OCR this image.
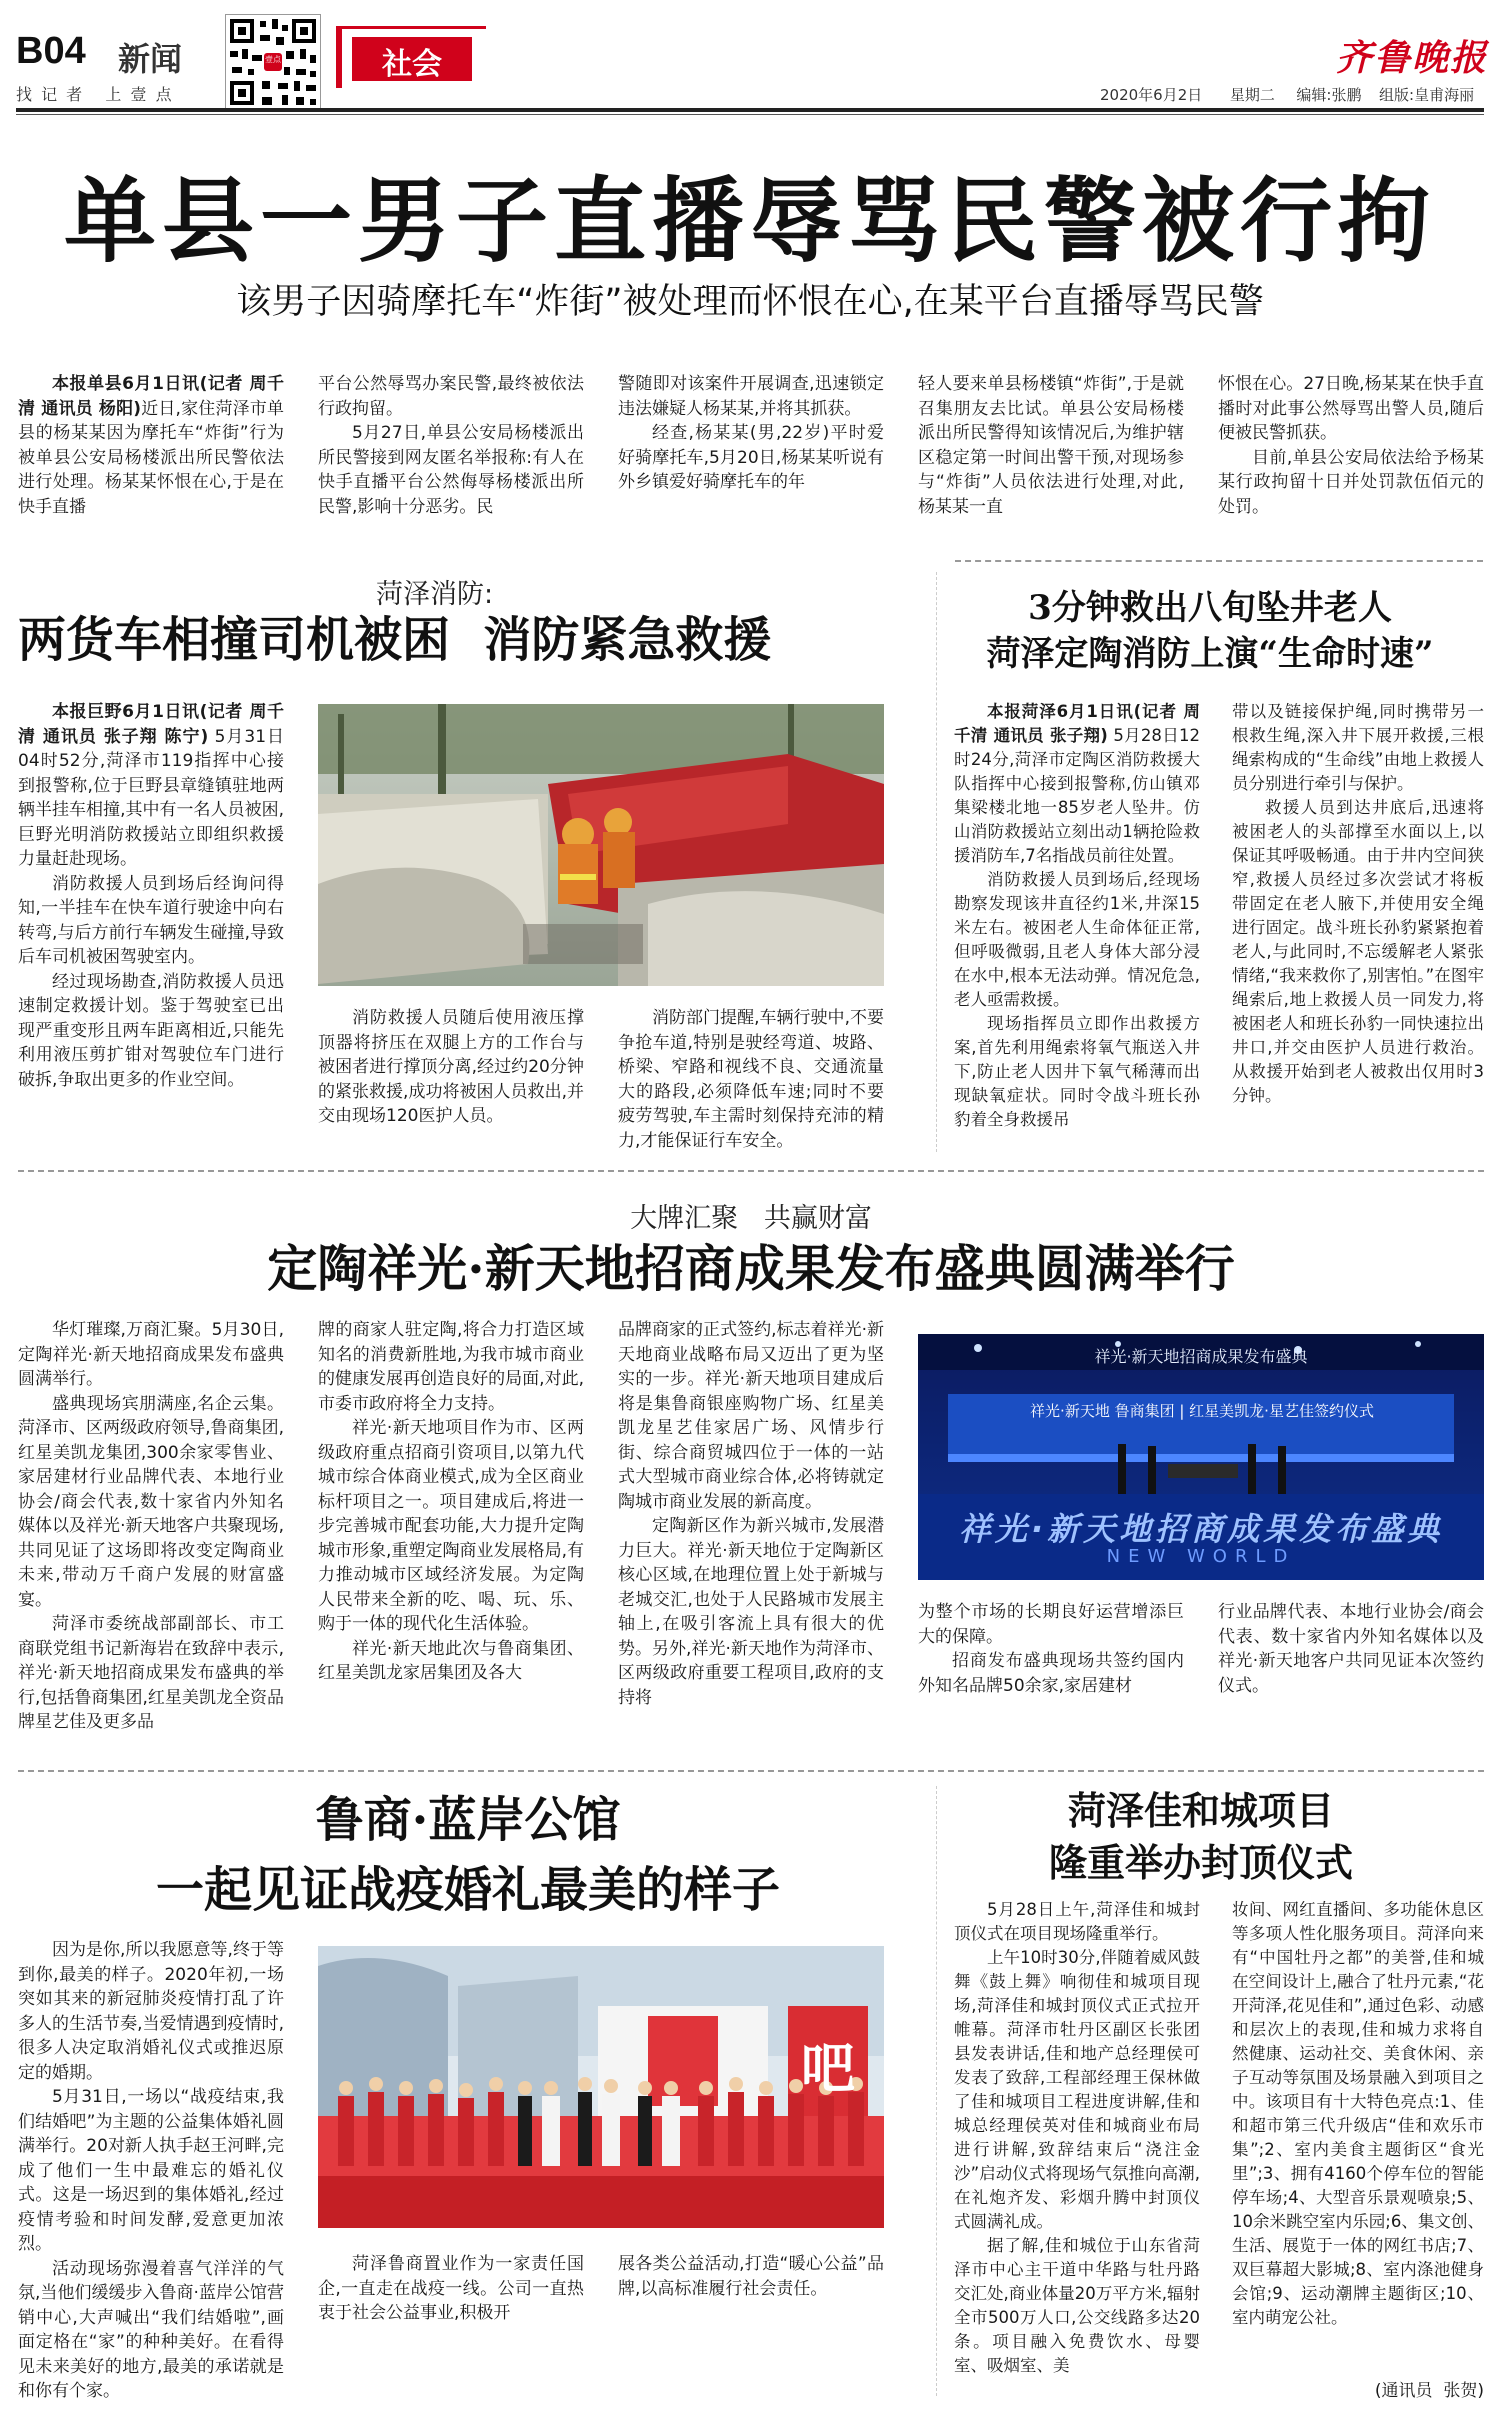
B04 新闻
找 记 者   上 壹 点
壹点	社会	齐鲁晚报
2020年6月2日 星期二 编辑:张鹏 组版:皇甫海丽
单县一男子直播辱骂民警被行拘
该男子因骑摩托车“炸街”被处理而怀恨在心,在某平台直播辱骂民警

本报单县6月1日讯(记者 周千清 通讯员 杨阳)近日,家住菏泽市单县的杨某某因为摩托车“炸街”行为被单县公安局杨楼派出所民警依法进行处理。杨某某怀恨在心,于是在快手直播

平台公然辱骂办案民警,最终被依法行政拘留。

5月27日,单县公安局杨楼派出所民警接到网友匿名举报称:有人在快手直播平台公然侮辱杨楼派出所民警,影响十分恶劣。民

警随即对该案件开展调查,迅速锁定违法嫌疑人杨某某,并将其抓获。

经查,杨某某(男,22岁)平时爱好骑摩托车,5月20日,杨某某听说有外乡镇爱好骑摩托车的年

轻人要来单县杨楼镇“炸街”,于是就召集朋友去比试。单县公安局杨楼派出所民警得知该情况后,为维护辖区稳定第一时间出警干预,对现场参与“炸街”人员依法进行处理,对此,杨某某一直
怀恨在心。27日晚,杨某某在快手直播时对此事公然辱骂出警人员,随后便被民警抓获。

目前,单县公安局依法给予杨某某行政拘留十日并处罚款伍佰元的处罚。

菏泽消防:
两货车相撞司机被困  消防紧急救援

本报巨野6月1日讯(记者 周千清 通讯员 张子翔 陈宁) 5月31日04时52分,菏泽市119指挥中心接到报警称,位于巨野县章缝镇驻地两辆半挂车相撞,其中有一名人员被困,巨野光明消防救援站立即组织救援力量赶赴现场。

消防救援人员到场后经询问得知,一半挂车在快车道行驶途中向右转弯,与后方前行车辆发生碰撞,导致后车司机被困驾驶室内。

经过现场勘查,消防救援人员迅速制定救援计划。鉴于驾驶室已出现严重变形且两车距离相近,只能先利用液压剪扩钳对驾驶位车门进行破拆,争取出更多的作业空间。

消防救援人员随后使用液压撑顶器将挤压在双腿上方的工作台与被困者进行撑顶分离,经过约20分钟的紧张救援,成功将被困人员救出,并交由现场120医护人员。

消防部门提醒,车辆行驶中,不要争抢车道,特别是驶经弯道、坡路、桥梁、窄路和视线不良、交通流量大的路段,必须降低车速;同时不要疲劳驾驶,车主需时刻保持充沛的精力,才能保证行车安全。

3分钟救出八旬坠井老人
菏泽定陶消防上演“生命时速”

本报菏泽6月1日讯(记者 周千清 通讯员 张子翔) 5月28日12时24分,菏泽市定陶区消防救援大队指挥中心接到报警称,仿山镇邓集梁楼北地一85岁老人坠井。仿山消防救援站立刻出动1辆抢险救援消防车,7名指战员前往处置。

消防救援人员到场后,经现场勘察发现该井直径约1米,井深15米左右。被困老人生命体征正常,但呼吸微弱,且老人身体大部分浸在水中,根本无法动弹。情况危急,老人亟需救援。

现场指挥员立即作出救援方案,首先利用绳索将氧气瓶送入井下,防止老人因井下氧气稀薄而出现缺氧症状。同时令战斗班长孙豹着全身救援吊

带以及链接保护绳,同时携带另一根救生绳,深入井下展开救援,三根绳索构成的“生命线”由地上救援人员分别进行牵引与保护。

救援人员到达井底后,迅速将被困老人的头部撑至水面以上,以保证其呼吸畅通。由于井内空间狭窄,救援人员经过多次尝试才将板带固定在老人腋下,并使用安全绳进行固定。战斗班长孙豹紧紧抱着老人,与此同时,不忘缓解老人紧张情绪,“我来救你了,别害怕。”在图牢绳索后,地上救援人员一同发力,将被困老人和班长孙豹一同快速拉出井口,并交由医护人员进行救治。从救援开始到老人被救出仅用时3分钟。

大牌汇聚   共赢财富
定陶祥光·新天地招商成果发布盛典圆满举行

华灯璀璨,万商汇聚。5月30日,定陶祥光·新天地招商成果发布盛典圆满举行。

盛典现场宾朋满座,名企云集。菏泽市、区两级政府领导,鲁商集团,红星美凯龙集团,300余家零售业、家居建材行业品牌代表、本地行业协会/商会代表,数十家省内外知名媒体以及祥光·新天地客户共聚现场,共同见证了这场即将改变定陶商业未来,带动万千商户发展的财富盛宴。

菏泽市委统战部副部长、市工商联党组书记新海岩在致辞中表示,祥光·新天地招商成果发布盛典的举行,包括鲁商集团,红星美凯龙全资品牌星艺佳及更多品

牌的商家人驻定陶,将合力打造区域知名的消费新胜地,为我市城市商业的健康发展再创造良好的局面,对此,市委市政府将全力支持。

祥光·新天地项目作为市、区两级政府重点招商引资项目,以第九代城市综合体商业模式,成为全区商业标杆项目之一。项目建成后,将进一步完善城市配套功能,大力提升定陶城市形象,重塑定陶商业发展格局,有力推动城市区域经济发展。为定陶人民带来全新的吃、喝、玩、乐、购于一体的现代化生活体验。

祥光·新天地此次与鲁商集团、红星美凯龙家居集团及各大

品牌商家的正式签约,标志着祥光·新天地商业战略布局又迈出了更为坚实的一步。祥光·新天地项目建成后将是集鲁商银座购物广场、红星美凯龙星艺佳家居广场、风情步行街、综合商贸城四位于一体的一站式大型城市商业综合体,必将铸就定陶城市商业发展的新高度。

定陶新区作为新兴城市,发展潜力巨大。祥光·新天地位于定陶新区核心区域,在地理位置上处于新城与老城交汇,也处于人民路城市发展主轴上,在吸引客流上具有很大的优势。另外,祥光·新天地作为菏泽市、区两级政府重要工程项目,政府的支持将

祥光·新天地 鲁商集团 | 红星美凯龙·星艺佳签约仪式
祥光·新天地招商成果发布盛典
祥光·新天地招商成果发布盛典
NEW WORLD
为整个市场的长期良好运营增添巨大的保障。

招商发布盛典现场共签约国内外知名品牌50余家,家居建材

行业品牌代表、本地行业协会/商会代表、数十家省内外知名媒体以及祥光·新天地客户共同见证本次签约仪式。
鲁商·蓝岸公馆
一起见证战疫婚礼最美的样子

因为是你,所以我愿意等,终于等到你,最美的样子。2020年初,一场突如其来的新冠肺炎疫情打乱了许多人的生活节奏,当爱情遇到疫情时,很多人决定取消婚礼仪式或推迟原定的婚期。

5月31日,一场以“战疫结束,我们结婚吧”为主题的公益集体婚礼圆满举行。20对新人执手赵王河畔,完成了他们一生中最难忘的婚礼仪式。这是一场迟到的集体婚礼,经过疫情考验和时间发酵,爱意更加浓烈。

活动现场弥漫着喜气洋洋的气氛,当他们缓缓步入鲁商·蓝岸公馆营销中心,大声喊出“我们结婚啦”,画面定格在“家”的种种美好。在看得见未来美好的地方,最美的承诺就是和你有个家。

吧

菏泽鲁商置业作为一家责任国企,一直走在战疫一线。公司一直热衷于社会公益事业,积极开

展各类公益活动,打造“暖心公益”品牌,以高标准履行社会责任。
菏泽佳和城项目
隆重举办封顶仪式

5月28日上午,菏泽佳和城封顶仪式在项目现场隆重举行。

上午10时30分,伴随着威风鼓舞《鼓上舞》响彻佳和城项目现场,菏泽佳和城封顶仪式正式拉开帷幕。菏泽市牡丹区副区长张团县发表讲话,佳和地产总经理侯可发表了致辞,工程部经理王保林做了佳和城项目工程进度讲解,佳和城总经理侯英对佳和城商业布局进行讲解,致辞结束后“浇注金沙”启动仪式将现场气氛推向高潮,在礼炮齐发、彩烟升腾中封顶仪式圆满礼成。

据了解,佳和城位于山东省菏泽市中心主干道中华路与牡丹路交汇处,商业体量20万平方米,辐射全市500万人口,公交线路多达20条。项目融入免费饮水、母婴室、吸烟室、美

妆间、网红直播间、多功能休息区等多项人性化服务项目。菏泽向来有“中国牡丹之都”的美誉,佳和城在空间设计上,融合了牡丹元素,“花开菏泽,花见佳和”,通过色彩、动感和层次上的表现,佳和城力求将自然健康、运动社交、美食休闲、亲子互动等氛围及场景融入到项目之中。该项目有十大特色亮点:1、佳和超市第三代升级店“佳和欢乐市集”;2、室内美食主题街区“食光里”;3、拥有4160个停车位的智能停车场;4、大型音乐景观喷泉;5、10余米跳空室内乐园;6、集文创、生活、展览于一体的网红书店;7、双巨幕超大影城;8、室内涤池健身会馆;9、运动潮牌主题街区;10、室内萌宠公社。
(通讯员  张贺)
